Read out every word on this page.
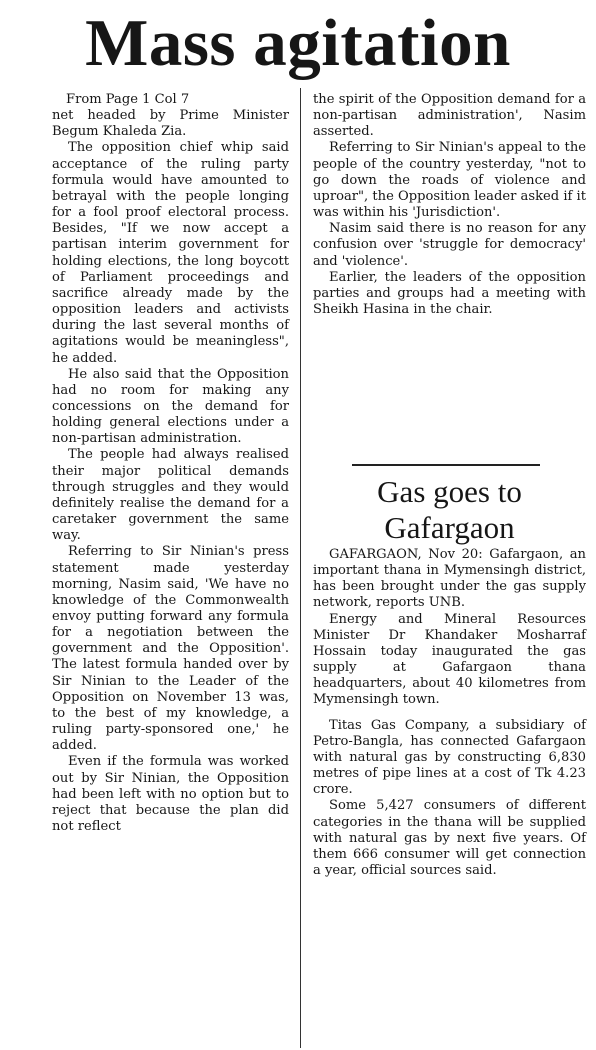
Mass agitation

From Page 1 Col 7

net headed by Prime Minister Begum Khaleda Zia.

The opposition chief whip said acceptance of the ruling party formula would have amounted to betrayal with the people longing for a fool proof electoral process. Besides, "If we now accept a partisan interim government for holding elections, the long boycott of Parliament proceedings and sacrifice already made by the opposition leaders and activists during the last several months of agitations would be meaningless", he added.

He also said that the Opposition had no room for making any concessions on the demand for holding general elections under a non-partisan administration.

The people had always realised their major political demands through struggles and they would definitely realise the demand for a caretaker government the same way.

Referring to Sir Ninian's press statement made yesterday morning, Nasim said, 'We have no knowledge of the Commonwealth envoy putting forward any formula for a negotiation between the government and the Opposition'. The latest formula handed over by Sir Ninian to the Leader of the Opposition on November 13 was, to the best of my knowledge, a ruling party-sponsored one,' he added.

Even if the formula was worked out by Sir Ninian, the Opposition had been left with no option but to reject that because the plan did not reflect

the spirit of the Opposition demand for a non-partisan administration', Nasim asserted.

Referring to Sir Ninian's appeal to the people of the country yesterday, "not to go down the roads of violence and uproar", the Opposition leader asked if it was within his 'Jurisdiction'.

Nasim said there is no reason for any confusion over 'struggle for democracy' and 'violence'.

Earlier, the leaders of the opposition parties and groups had a meeting with Sheikh Hasina in the chair.

Gas goes to Gafargaon

GAFARGAON, Nov 20: Gafargaon, an important thana in Mymensingh district, has been brought under the gas supply network, reports UNB.

Energy and Mineral Resources Minister Dr Khandaker Mosharraf Hossain today inaugurated the gas supply at Gafargaon thana headquarters, about 40 kilometres from Mymensingh town.

Titas Gas Company, a subsidiary of Petro-Bangla, has connected Gafargaon with natural gas by constructing 6,830 metres of pipe lines at a cost of Tk 4.23 crore.

Some 5,427 consumers of different categories in the thana will be supplied with natural gas by next five years. Of them 666 consumer will get connection a year, official sources said.
